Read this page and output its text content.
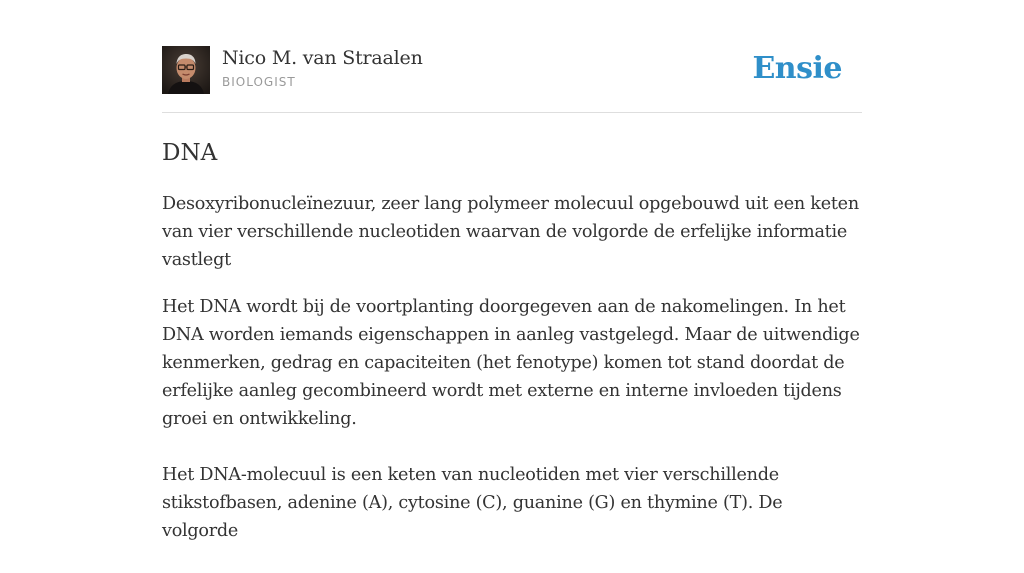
Nico M. van Straalen
BIOLOGIST	Ensie
DNA

Desoxyribonucleïnezuur, zeer lang polymeer molecuul opgebouwd uit een keten van vier verschillende nucleotiden waarvan de volgorde de erfelijke informatie vastlegt

Het DNA wordt bij de voortplanting doorgegeven aan de nakomelingen. In het DNA worden iemands eigenschappen in aanleg vastgelegd. Maar de uitwendige kenmerken, gedrag en capaciteiten (het fenotype) komen tot stand doordat de erfelijke aanleg gecombineerd wordt met externe en interne invloeden tijdens groei en ontwikkeling.

Het DNA-molecuul is een keten van nucleotiden met vier verschillende stikstofbasen, adenine (A), cytosine (C), guanine (G) en thymine (T). De volgorde
